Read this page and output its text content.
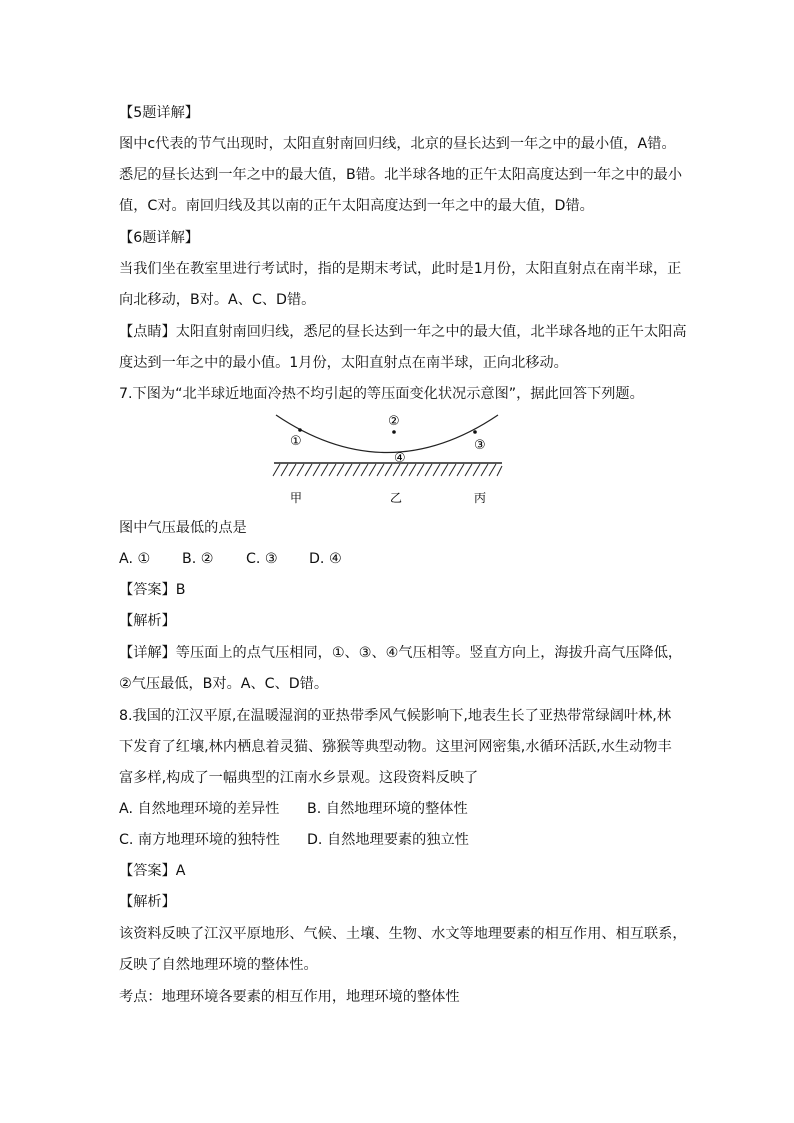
【5题详解】
图中c代表的节气出现时，太阳直射南回归线，北京的昼长达到一年之中的最小值，A错。
悉尼的昼长达到一年之中的最大值，B错。北半球各地的正午太阳高度达到一年之中的最小
值，C对。南回归线及其以南的正午太阳高度达到一年之中的最大值，D错。
【6题详解】
当我们坐在教室里进行考试时，指的是期末考试，此时是1月份，太阳直射点在南半球，正
向北移动，B对。A、C、D错。
【点睛】太阳直射南回归线，悉尼的昼长达到一年之中的最大值，北半球各地的正午太阳高
度达到一年之中的最小值。1月份，太阳直射点在南半球，正向北移动。
7.下图为“北半球近地面冷热不均引起的等压面变化状况示意图”，据此回答下列题。
①
②
③
④
甲	乙	丙
图中气压最低的点是
A. ① B. ② C. ③ D. ④
【答案】B
【解析】
【详解】等压面上的点气压相同，①、③、④气压相等。竖直方向上，海拔升高气压降低，
②气压最低，B对。A、C、D错。
8.我国的江汉平原,在温暖湿润的亚热带季风气候影响下,地表生长了亚热带常绿阔叶林,林
下发育了红壤,林内栖息着灵猫、猕猴等典型动物。这里河网密集,水循环活跃,水生动物丰
富多样,构成了一幅典型的江南水乡景观。这段资料反映了
A. 自然地理环境的差异性 B. 自然地理环境的整体性
C. 南方地理环境的独特性 D. 自然地理要素的独立性
【答案】A
【解析】
该资料反映了江汉平原地形、气候、土壤、生物、水文等地理要素的相互作用、相互联系，
反映了自然地理环境的整体性。
考点：地理环境各要素的相互作用，地理环境的整体性
